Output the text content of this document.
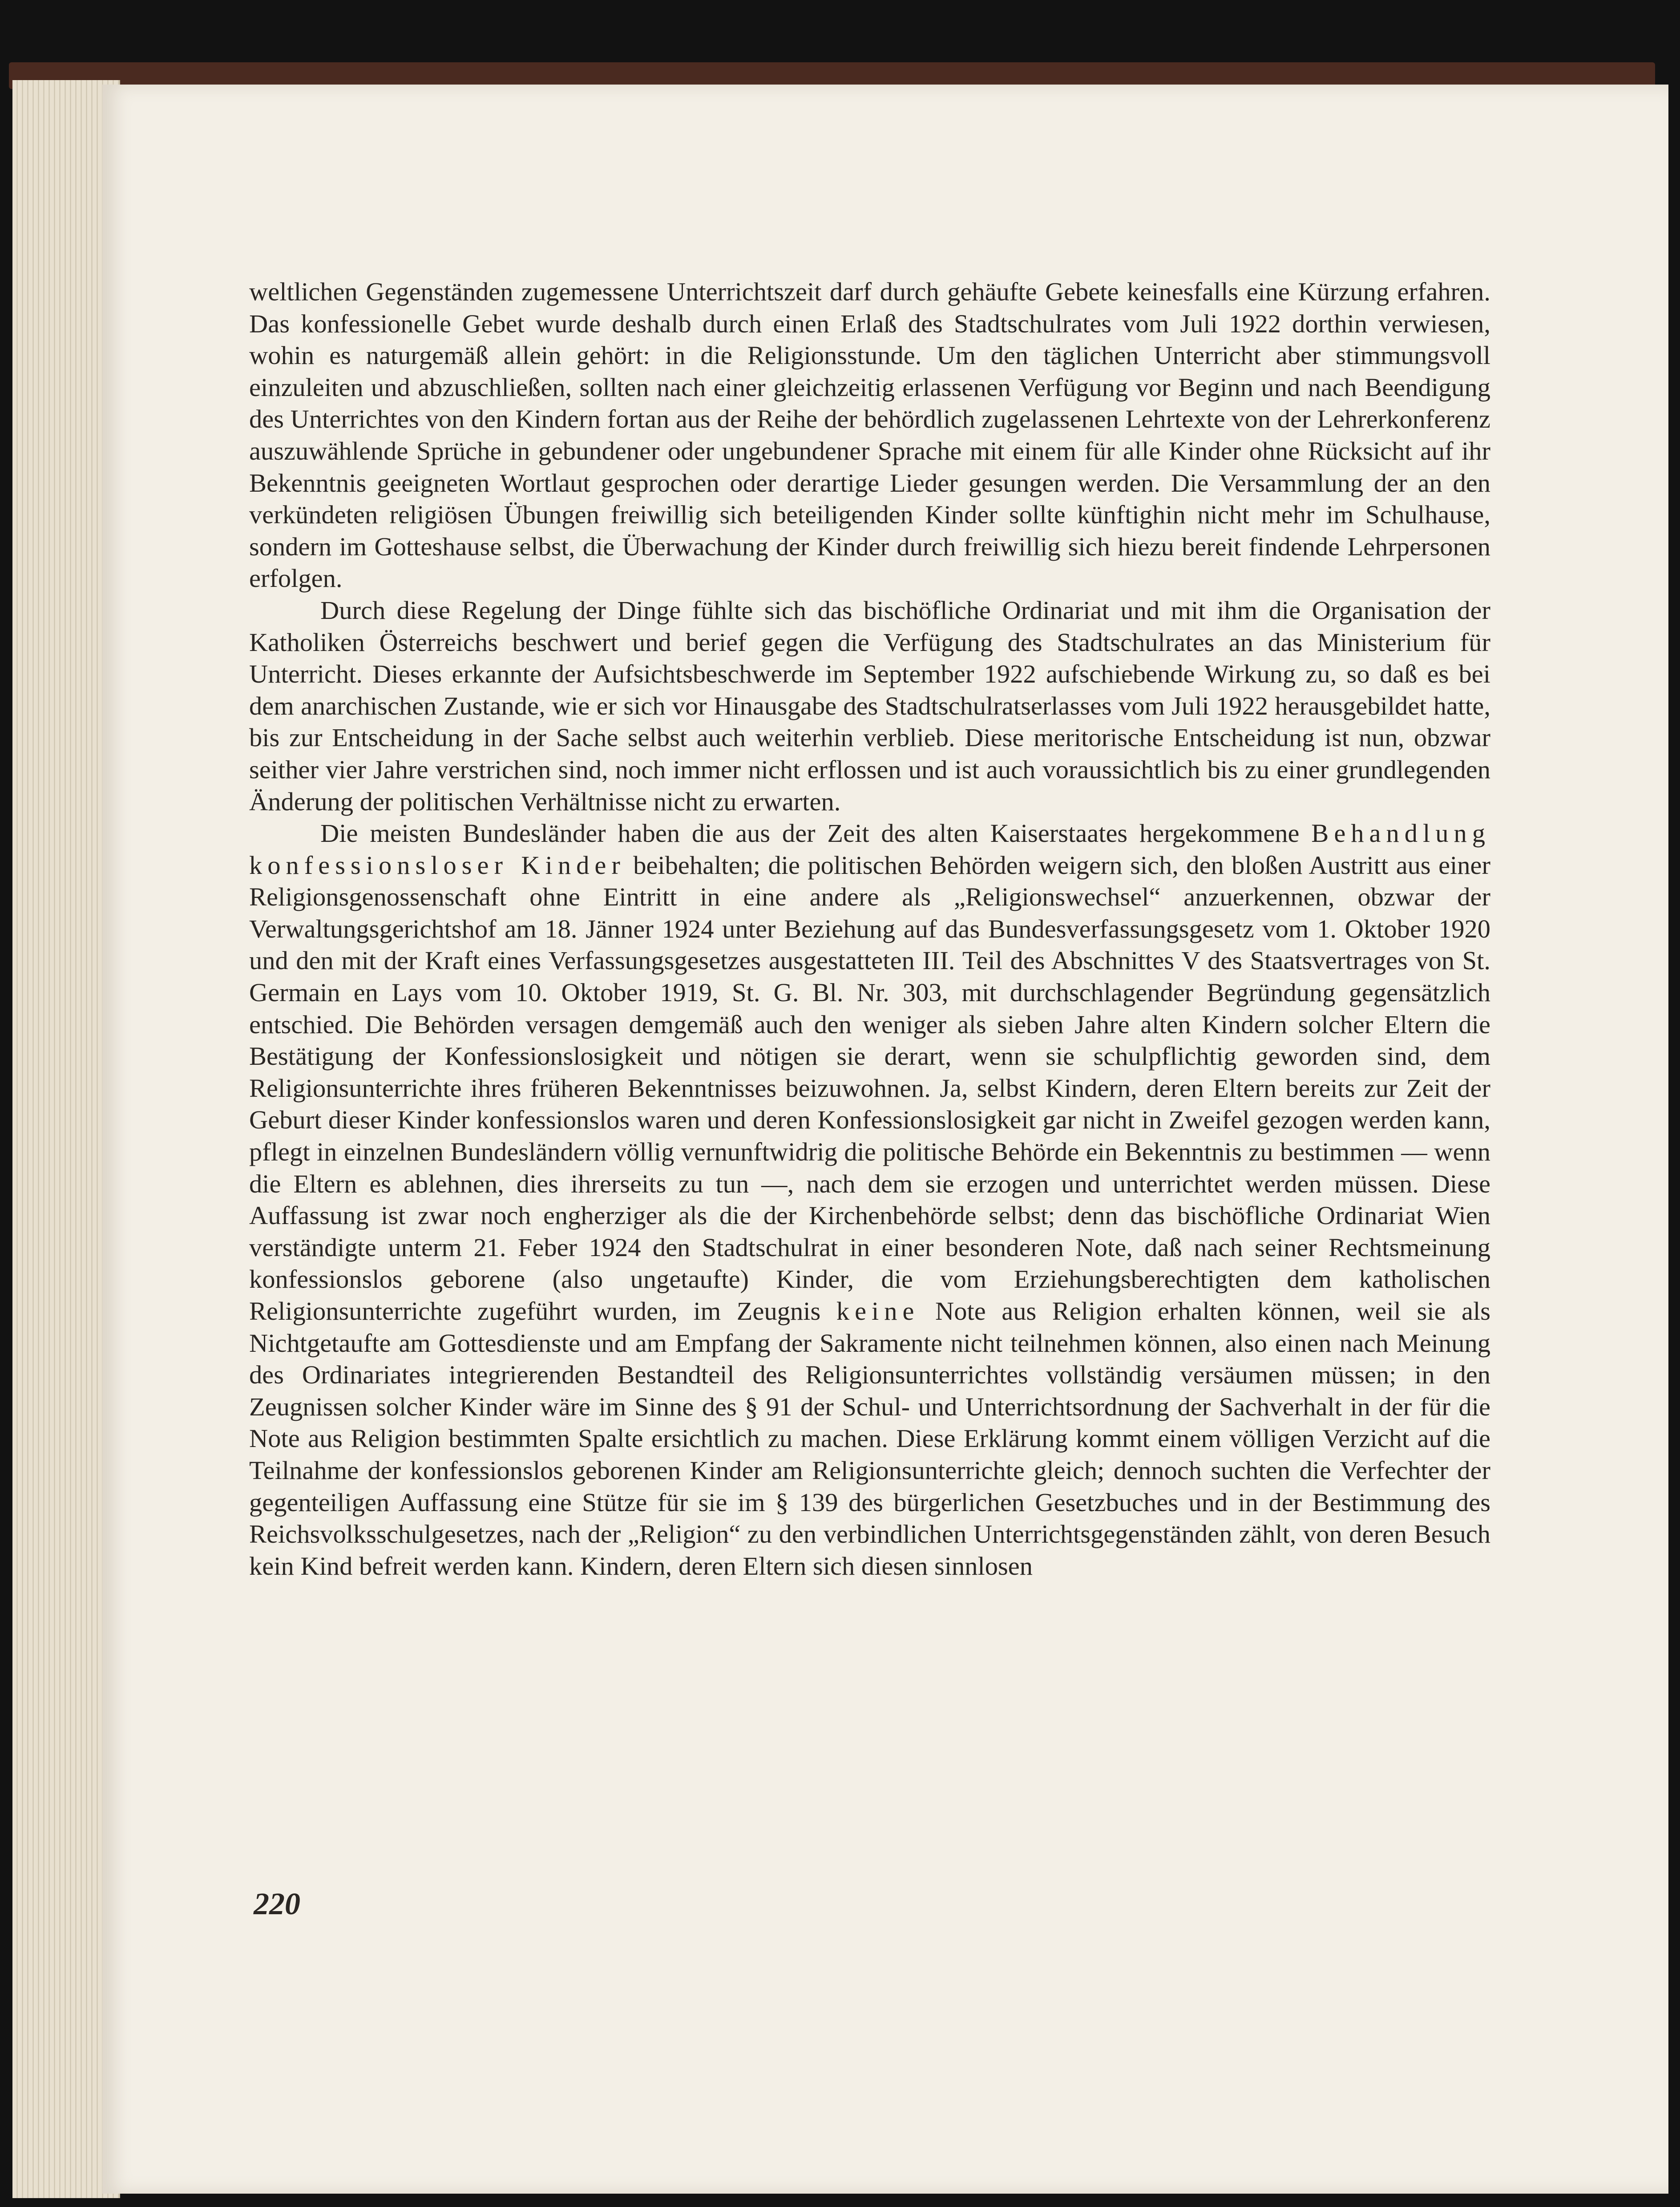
weltlichen Gegenständen zugemessene Unterrichtszeit darf durch gehäufte Gebete keinesfalls eine Kürzung erfahren. Das konfessionelle Gebet wurde deshalb durch einen Erlaß des Stadtschulrates vom Juli 1922 dorthin verwiesen, wohin es naturgemäß allein gehört: in die Religionsstunde. Um den täglichen Unterricht aber stimmungsvoll einzuleiten und abzuschließen, sollten nach einer gleichzeitig erlassenen Verfügung vor Beginn und nach Beendigung des Unterrichtes von den Kindern fortan aus der Reihe der behördlich zugelassenen Lehrtexte von der Lehrerkonferenz auszuwählende Sprüche in gebundener oder ungebundener Sprache mit einem für alle Kinder ohne Rücksicht auf ihr Bekenntnis geeigneten Wortlaut gesprochen oder derartige Lieder gesungen werden. Die Versammlung der an den verkündeten religiösen Übungen freiwillig sich beteiligenden Kinder sollte künftighin nicht mehr im Schulhause, sondern im Gotteshause selbst, die Überwachung der Kinder durch freiwillig sich hiezu bereit findende Lehrpersonen erfolgen.

Durch diese Regelung der Dinge fühlte sich das bischöfliche Ordinariat und mit ihm die Organisation der Katholiken Österreichs beschwert und berief gegen die Verfügung des Stadtschulrates an das Ministerium für Unterricht. Dieses erkannte der Aufsichtsbeschwerde im September 1922 aufschiebende Wirkung zu, so daß es bei dem anarchischen Zustande, wie er sich vor Hinausgabe des Stadtschulratserlasses vom Juli 1922 herausgebildet hatte, bis zur Entscheidung in der Sache selbst auch weiterhin verblieb. Diese meritorische Entscheidung ist nun, obzwar seither vier Jahre verstrichen sind, noch immer nicht erflossen und ist auch voraussichtlich bis zu einer grundlegenden Änderung der politischen Verhältnisse nicht zu erwarten.

Die meisten Bundesländer haben die aus der Zeit des alten Kaiserstaates hergekommene Behandlung konfessionsloser Kinder beibehalten; die politischen Behörden weigern sich, den bloßen Austritt aus einer Religionsgenossenschaft ohne Eintritt in eine andere als „Religionswechsel“ anzuerkennen, obzwar der Verwaltungsgerichtshof am 18. Jänner 1924 unter Beziehung auf das Bundesverfassungsgesetz vom 1. Oktober 1920 und den mit der Kraft eines Verfassungsgesetzes ausgestatteten III. Teil des Abschnittes V des Staatsvertrages von St. Germain en Lays vom 10. Oktober 1919, St. G. Bl. Nr. 303, mit durchschlagender Begründung gegensätzlich entschied. Die Behörden versagen demgemäß auch den weniger als sieben Jahre alten Kindern solcher Eltern die Bestätigung der Konfessionslosigkeit und nötigen sie derart, wenn sie schulpflichtig geworden sind, dem Religionsunterrichte ihres früheren Bekenntnisses beizuwohnen. Ja, selbst Kindern, deren Eltern bereits zur Zeit der Geburt dieser Kinder konfessionslos waren und deren Konfessionslosigkeit gar nicht in Zweifel gezogen werden kann, pflegt in einzelnen Bundesländern völlig vernunftwidrig die politische Behörde ein Bekenntnis zu bestimmen — wenn die Eltern es ablehnen, dies ihrerseits zu tun —, nach dem sie erzogen und unterrichtet werden müssen. Diese Auffassung ist zwar noch engherziger als die der Kirchenbehörde selbst; denn das bischöfliche Ordinariat Wien verständigte unterm 21. Feber 1924 den Stadtschulrat in einer besonderen Note, daß nach seiner Rechtsmeinung konfessionslos geborene (also ungetaufte) Kinder, die vom Erziehungsberechtigten dem katholischen Religionsunterrichte zugeführt wurden, im Zeugnis keine Note aus Religion erhalten können, weil sie als Nichtgetaufte am Gottesdienste und am Empfang der Sakramente nicht teilnehmen können, also einen nach Meinung des Ordinariates integrierenden Bestandteil des Religionsunterrichtes vollständig versäumen müssen; in den Zeugnissen solcher Kinder wäre im Sinne des § 91 der Schul- und Unterrichtsordnung der Sachverhalt in der für die Note aus Religion bestimmten Spalte ersichtlich zu machen. Diese Erklärung kommt einem völligen Verzicht auf die Teilnahme der konfessionslos geborenen Kinder am Religionsunterrichte gleich; dennoch suchten die Verfechter der gegenteiligen Auffassung eine Stütze für sie im § 139 des bürgerlichen Gesetzbuches und in der Bestimmung des Reichsvolksschulgesetzes, nach der „Religion“ zu den verbindlichen Unterrichtsgegenständen zählt, von deren Besuch kein Kind befreit werden kann. Kindern, deren Eltern sich diesen sinnlosen

220
